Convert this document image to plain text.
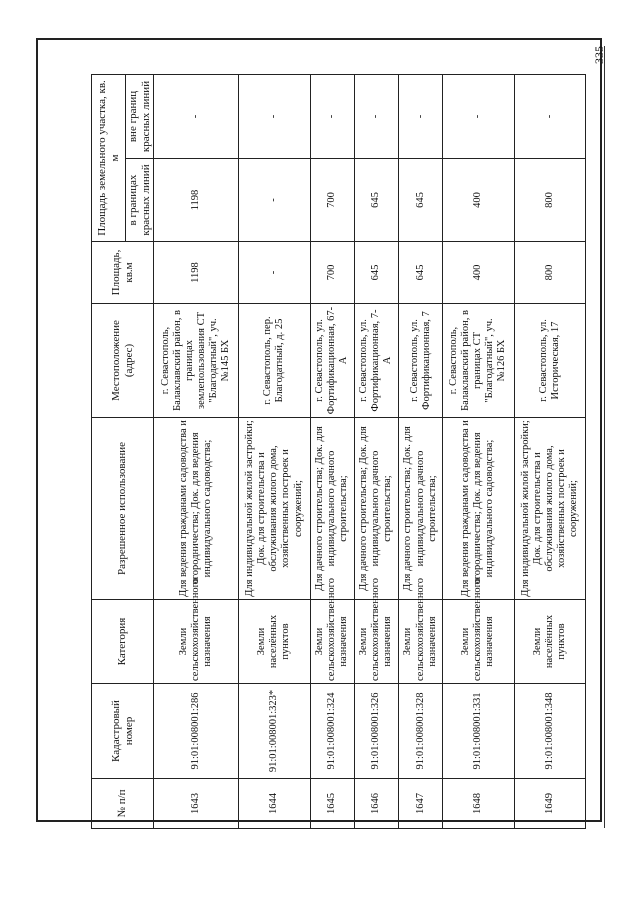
335
№ п/п	Кадастровый номер	Категория	Разрешенное использование	Местоположение (адрес)	Площадь, кв.м	Площадь земельного участка, кв. м	
						в границах красных линий	вне границ красных линий
1643	91:01:008001:286	Земли сельскохозяйственного назначения	Для ведения гражданами садоводства и огородничества; Док. для ведения индивидуального садоводства;	г. Севастополь, Балаклавский район, в границах землепользования СТ "Благодатный", уч. №145 БХ	1198	1198	-
1644	91:01:008001:323*	Земли населённых пунктов	Для индивидуальной жилой застройки; Док. для строительства и обслуживания жилого дома, хозяйственных построек и сооружений;	г. Севастополь, пер. Благодатный, д. 25	-	-	-
1645	91:01:008001:324	Земли сельскохозяйственного назначения	Для дачного строительства; Док. для индивидуального дачного строительства;	г. Севастополь, ул. Фортификационная, 67-А	700	700	-
1646	91:01:008001:326	Земли сельскохозяйственного назначения	Для дачного строительства; Док. для индивидуального дачного строительства;	г. Севастополь, ул. Фортификационная, 7-А	645	645	-
1647	91:01:008001:328	Земли сельскохозяйственного назначения	Для дачного строительства; Док. для индивидуального дачного строительства;	г. Севастополь, ул. Фортификационная, 7	645	645	-
1648	91:01:008001:331	Земли сельскохозяйственного назначения	Для ведения гражданами садоводства и огородничества; Док. для ведения индивидуального садоводства;	г. Севастополь, Балаклавский район, в границах СТ "Благодатный", уч. №126 БХ	400	400	-
1649	91:01:008001:348	Земли населённых пунктов	Для индивидуальной жилой застройки; Док. для строительства и обслуживания жилого дома, хозяйственных построек и сооружений;	г. Севастополь, ул. Историческая, 17	800	800	-
